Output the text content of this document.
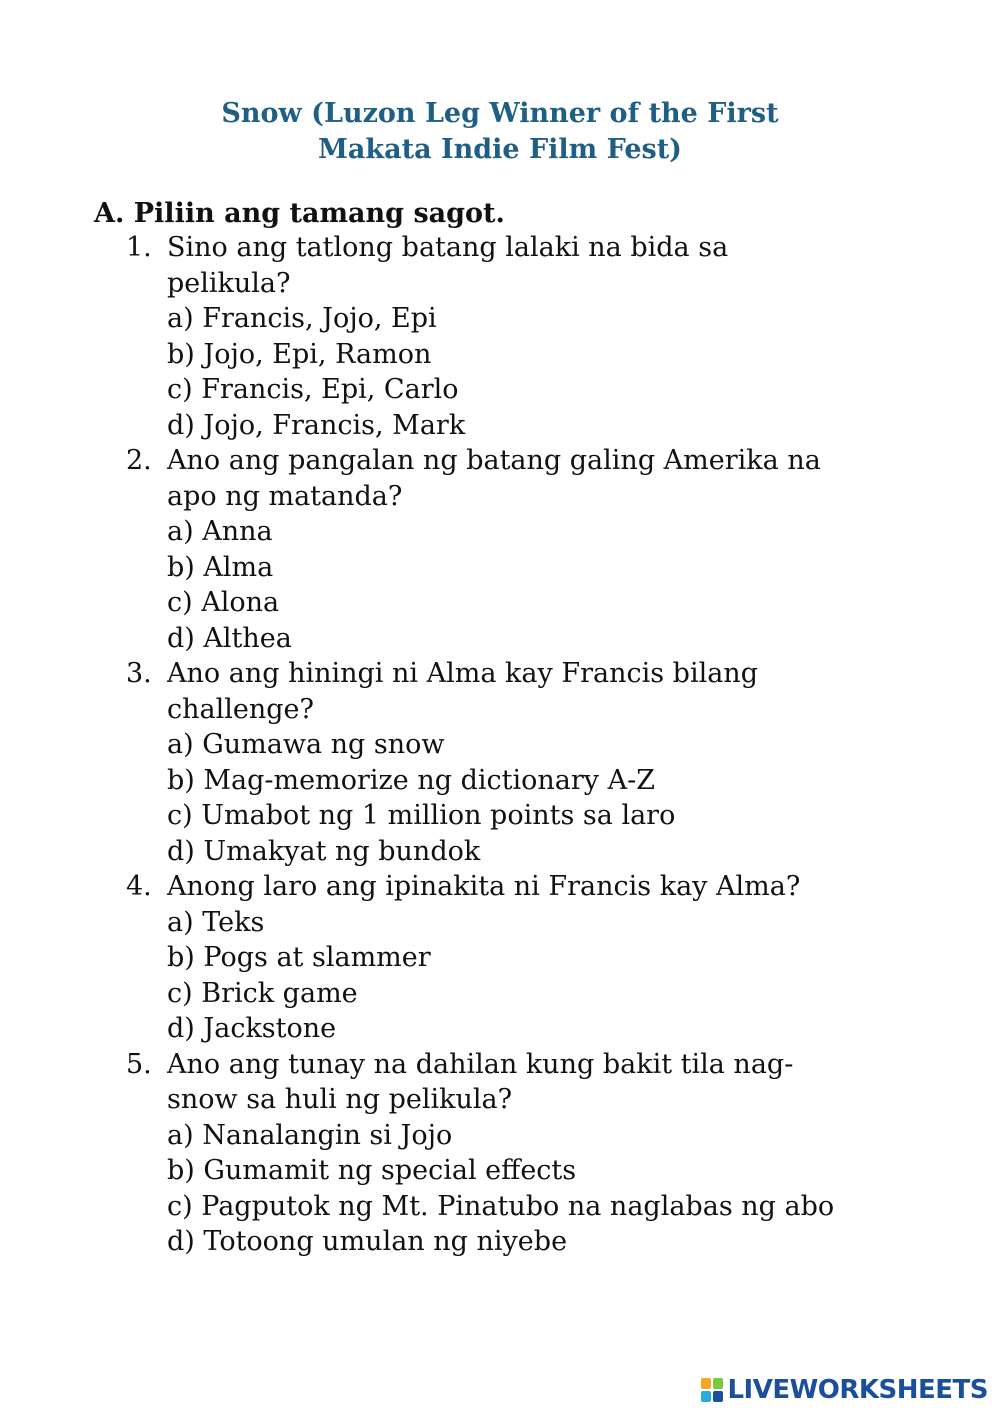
Snow (Luzon Leg Winner of the First
Makata Indie Film Fest)
A. Piliin ang tamang sagot.
1. Sino ang tatlong batang lalaki na bida sa
pelikula?
a) Francis, Jojo, Epi
b) Jojo, Epi, Ramon
c) Francis, Epi, Carlo
d) Jojo, Francis, Mark
2. Ano ang pangalan ng batang galing Amerika na
apo ng matanda?
a) Anna
b) Alma
c) Alona
d) Althea
3. Ano ang hiningi ni Alma kay Francis bilang
challenge?
a) Gumawa ng snow
b) Mag-memorize ng dictionary A-Z
c) Umabot ng 1 million points sa laro
d) Umakyat ng bundok
4. Anong laro ang ipinakita ni Francis kay Alma?
a) Teks
b) Pogs at slammer
c) Brick game
d) Jackstone
5. Ano ang tunay na dahilan kung bakit tila nag-
snow sa huli ng pelikula?
a) Nanalangin si Jojo
b) Gumamit ng special effects
c) Pagputok ng Mt. Pinatubo na naglabas ng abo
d) Totoong umulan ng niyebe
LIVEWORKSHEETS
